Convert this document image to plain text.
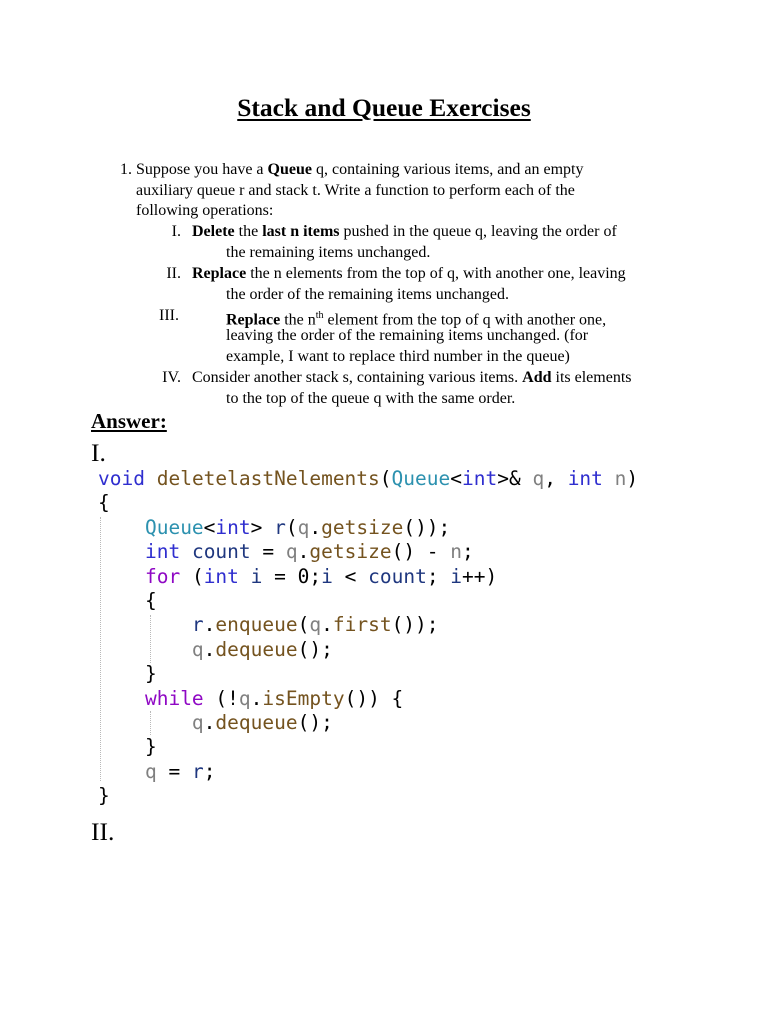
Stack and Queue Exercises
1. Suppose you have a Queue q, containing various items, and an empty
auxiliary queue r and stack t. Write a function to perform each of the
following operations:
I. Delete the last n items pushed in the queue q, leaving the order of
the remaining items unchanged.
II. Replace the n elements from the top of q, with another one, leaving
the order of the remaining items unchanged.
III.	Replace the $n^{th}$ element from the top of q with another one,
leaving the order of the remaining items unchanged. (for
example, I want to replace third number in the queue)
IV. Consider another stack s, containing various items. Add its elements
to the top of the queue q with the same order.
Answer:
I.
void deletelastNelements(Queue<int>& q, int n)
{
Queue<int> r(q.getsize());
int count = q.getsize() - n;
for (int i = 0;i < count; i++)
{
r.enqueue(q.first());
q.dequeue();
}
while (!q.isEmpty()) {
q.dequeue();
}
q = r;
}
II.
